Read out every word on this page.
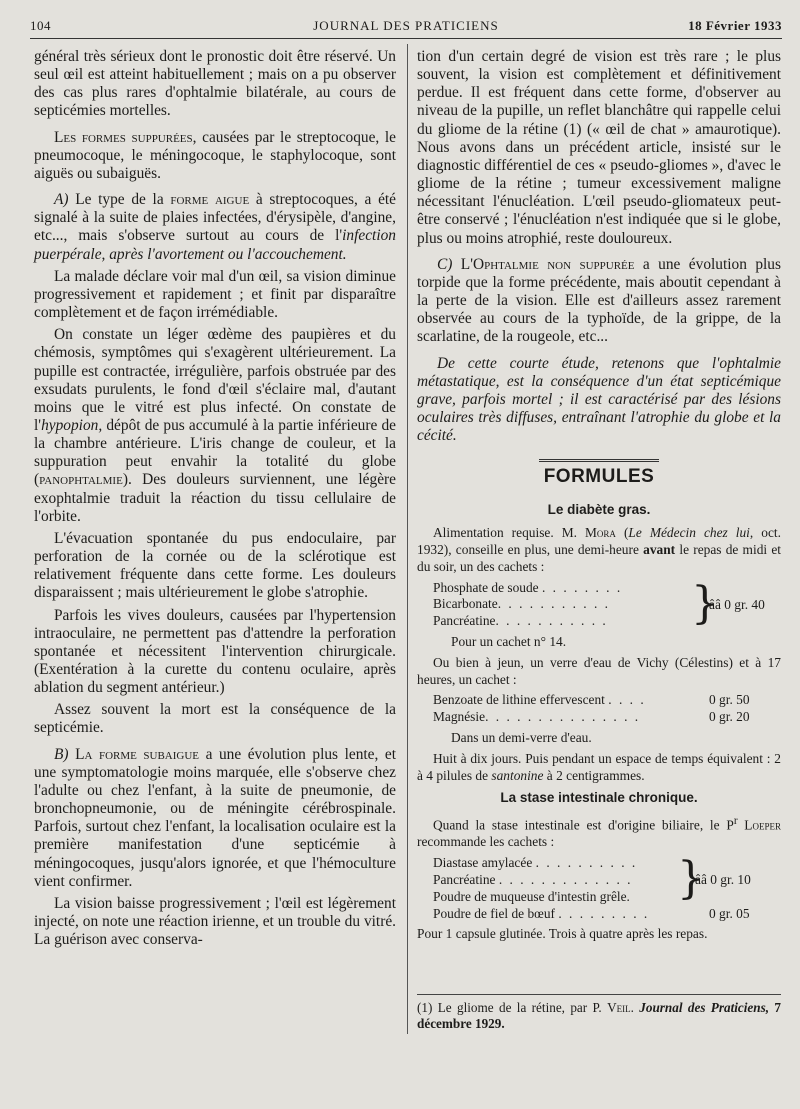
104	JOURNAL DES PRATICIENS	18 Février 1933

général très sérieux dont le pronostic doit être réservé. Un seul œil est atteint habituellement ; mais on a pu observer des cas plus rares d'ophtalmie bilatérale, au cours de septicémies mortelles.

Les formes suppurées, causées par le streptocoque, le pneumocoque, le méningocoque, le staphylocoque, sont aiguës ou subaiguës.

A) Le type de la forme aigue à streptocoques, a été signalé à la suite de plaies infectées, d'érysipèle, d'angine, etc..., mais s'observe surtout au cours de l'infection puerpérale, après l'avortement ou l'accouchement.

La malade déclare voir mal d'un œil, sa vision diminue progressivement et rapidement ; et finit par disparaître complètement et de façon irrémédiable.

On constate un léger œdème des paupières et du chémosis, symptômes qui s'exagèrent ultérieurement. La pupille est contractée, irrégulière, parfois obstruée par des exsudats purulents, le fond d'œil s'éclaire mal, d'autant moins que le vitré est plus infecté. On constate de l'hypopion, dépôt de pus accumulé à la partie inférieure de la chambre antérieure. L'iris change de couleur, et la suppuration peut envahir la totalité du globe (panophtalmie). Des douleurs surviennent, une légère exophtalmie traduit la réaction du tissu cellulaire de l'orbite.

L'évacuation spontanée du pus endoculaire, par perforation de la cornée ou de la sclérotique est relativement fréquente dans cette forme. Les douleurs disparaissent ; mais ultérieurement le globe s'atrophie.

Parfois les vives douleurs, causées par l'hypertension intraoculaire, ne permettent pas d'attendre la perforation spontanée et nécessitent l'intervention chirurgicale. (Exentération à la curette du contenu oculaire, après ablation du segment antérieur.)

Assez souvent la mort est la conséquence de la septicémie.

B) La forme subaigue a une évolution plus lente, et une symptomatologie moins marquée, elle s'observe chez l'adulte ou chez l'enfant, à la suite de pneumonie, de bronchopneumonie, ou de méningite cérébrospinale. Parfois, surtout chez l'enfant, la localisation oculaire est la première manifestation d'une septicémie à méningocoques, jusqu'alors ignorée, et que l'hémoculture vient confirmer.

La vision baisse progressivement ; l'œil est légèrement injecté, on note une réaction irienne, et un trouble du vitré. La guérison avec conserva-

tion d'un certain degré de vision est très rare ; le plus souvent, la vision est complètement et définitivement perdue. Il est fréquent dans cette forme, d'observer au niveau de la pupille, un reflet blanchâtre qui rappelle celui du gliome de la rétine (1) (« œil de chat » amaurotique). Nous avons dans un précédent article, insisté sur le diagnostic différentiel de ces « pseudo-gliomes », d'avec le gliome de la rétine ; tumeur excessivement maligne nécessitant l'énucléation. L'œil pseudo-gliomateux peut-être conservé ; l'énucléation n'est indiquée que si le globe, plus ou moins atrophié, reste douloureux.

C) L'Ophtalmie non suppurée a une évolution plus torpide que la forme précédente, mais aboutit cependant à la perte de la vision. Elle est d'ailleurs assez rarement observée au cours de la typhoïde, de la grippe, de la scarlatine, de la rougeole, etc...

De cette courte étude, retenons que l'ophtalmie métastatique, est la conséquence d'un état septicémique grave, parfois mortel ; il est caractérisé par des lésions oculaires très diffuses, entraînant l'atrophie du globe et la cécité.

FORMULES
Le diabète gras.

Alimentation requise. M. Mora (Le Médecin chez lui, oct. 1932), conseille en plus, une demi-heure avant le repas de midi et du soir, un des cachets :

Phosphate de soude . . . . . . . .
Bicarbonate. . . . . . . . . . .
Pancréatine. . . . . . . . . . .	}
ââ 0 gr. 40

Pour un cachet n° 14.

Ou bien à jeun, un verre d'eau de Vichy (Célestins) et à 17 heures, un cachet :

Benzoate de lithine effervescent . . . .	0 gr. 50
Magnésie. . . . . . . . . . . . . . .	0 gr. 20

Dans un demi-verre d'eau.

Huit à dix jours. Puis pendant un espace de temps équivalent : 2 à 4 pilules de santonine à 2 centigrammes.

La stase intestinale chronique.

Quand la stase intestinale est d'origine biliaire, le $P^r$ Loeper recommande les cachets :

Diastase amylacée . . . . . . . . . .
Pancréatine . . . . . . . . . . . . .
Poudre de muqueuse d'intestin grêle.	}
ââ 0 gr. 10
Poudre de fiel de bœuf . . . . . . . . .	0 gr. 05

Pour 1 capsule glutinée. Trois à quatre après les repas.

(1) Le gliome de la rétine, par P. Veil. Journal des Praticiens, 7 décembre 1929.
